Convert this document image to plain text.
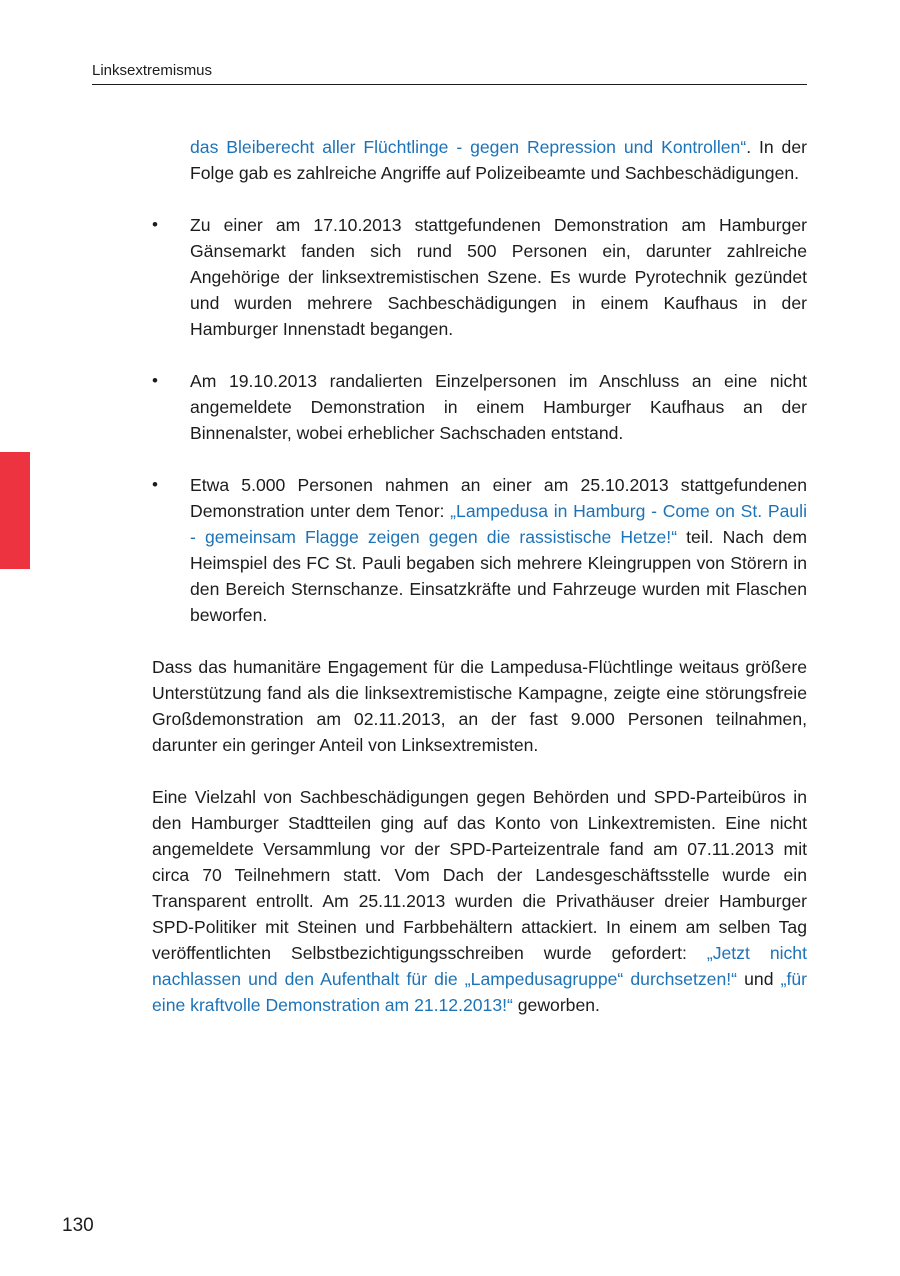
Linksextremismus

das Bleiberecht aller Flüchtlinge - gegen Repression und Kontrollen“. In der Folge gab es zahlreiche Angriffe auf Polizeibeamte und Sachbeschädigungen.

•	Zu einer am 17.10.2013 stattgefundenen Demonstration am Hamburger Gänsemarkt fanden sich rund 500 Personen ein, darunter zahlreiche Angehörige der linksextremistischen Szene. Es wurde Pyrotechnik gezündet und wurden mehrere Sachbeschädigungen in einem Kaufhaus in der Hamburger Innenstadt begangen.

•	Am 19.10.2013 randalierten Einzelpersonen im Anschluss an eine nicht angemeldete Demonstration in einem Hamburger Kaufhaus an der Binnenalster, wobei erheblicher Sachschaden entstand.

•	Etwa 5.000 Personen nahmen an einer am 25.10.2013 stattgefundenen Demonstration unter dem Tenor: „Lampedusa in Hamburg - Come on St. Pauli - gemeinsam Flagge zeigen gegen die rassistische Hetze!“ teil. Nach dem Heimspiel des FC St. Pauli begaben sich mehrere Kleingruppen von Störern in den Bereich Sternschanze. Einsatzkräfte und Fahrzeuge wurden mit Flaschen beworfen.

Dass das humanitäre Engagement für die Lampedusa-Flüchtlinge weitaus größere Unterstützung fand als die linksextremistische Kampagne, zeigte eine störungsfreie Großdemonstration am 02.11.2013, an der fast 9.000 Personen teilnahmen, darunter ein geringer Anteil von Linksextremisten.

Eine Vielzahl von Sachbeschädigungen gegen Behörden und SPD-Parteibüros in den Hamburger Stadtteilen ging auf das Konto von Linkextremisten. Eine nicht angemeldete Versammlung vor der SPD-Parteizentrale fand am 07.11.2013 mit circa 70 Teilnehmern statt. Vom Dach der Landesgeschäftsstelle wurde ein Transparent entrollt. Am 25.11.2013 wurden die Privathäuser dreier Hamburger SPD-Politiker mit Steinen und Farbbehältern attackiert. In einem am selben Tag veröffentlichten Selbstbezichtigungsschreiben wurde gefordert: „Jetzt nicht nachlassen und den Aufenthalt für die „Lampedusagruppe“ durchsetzen!“ und „für eine kraftvolle Demonstration am 21.12.2013!“ geworben.

130
